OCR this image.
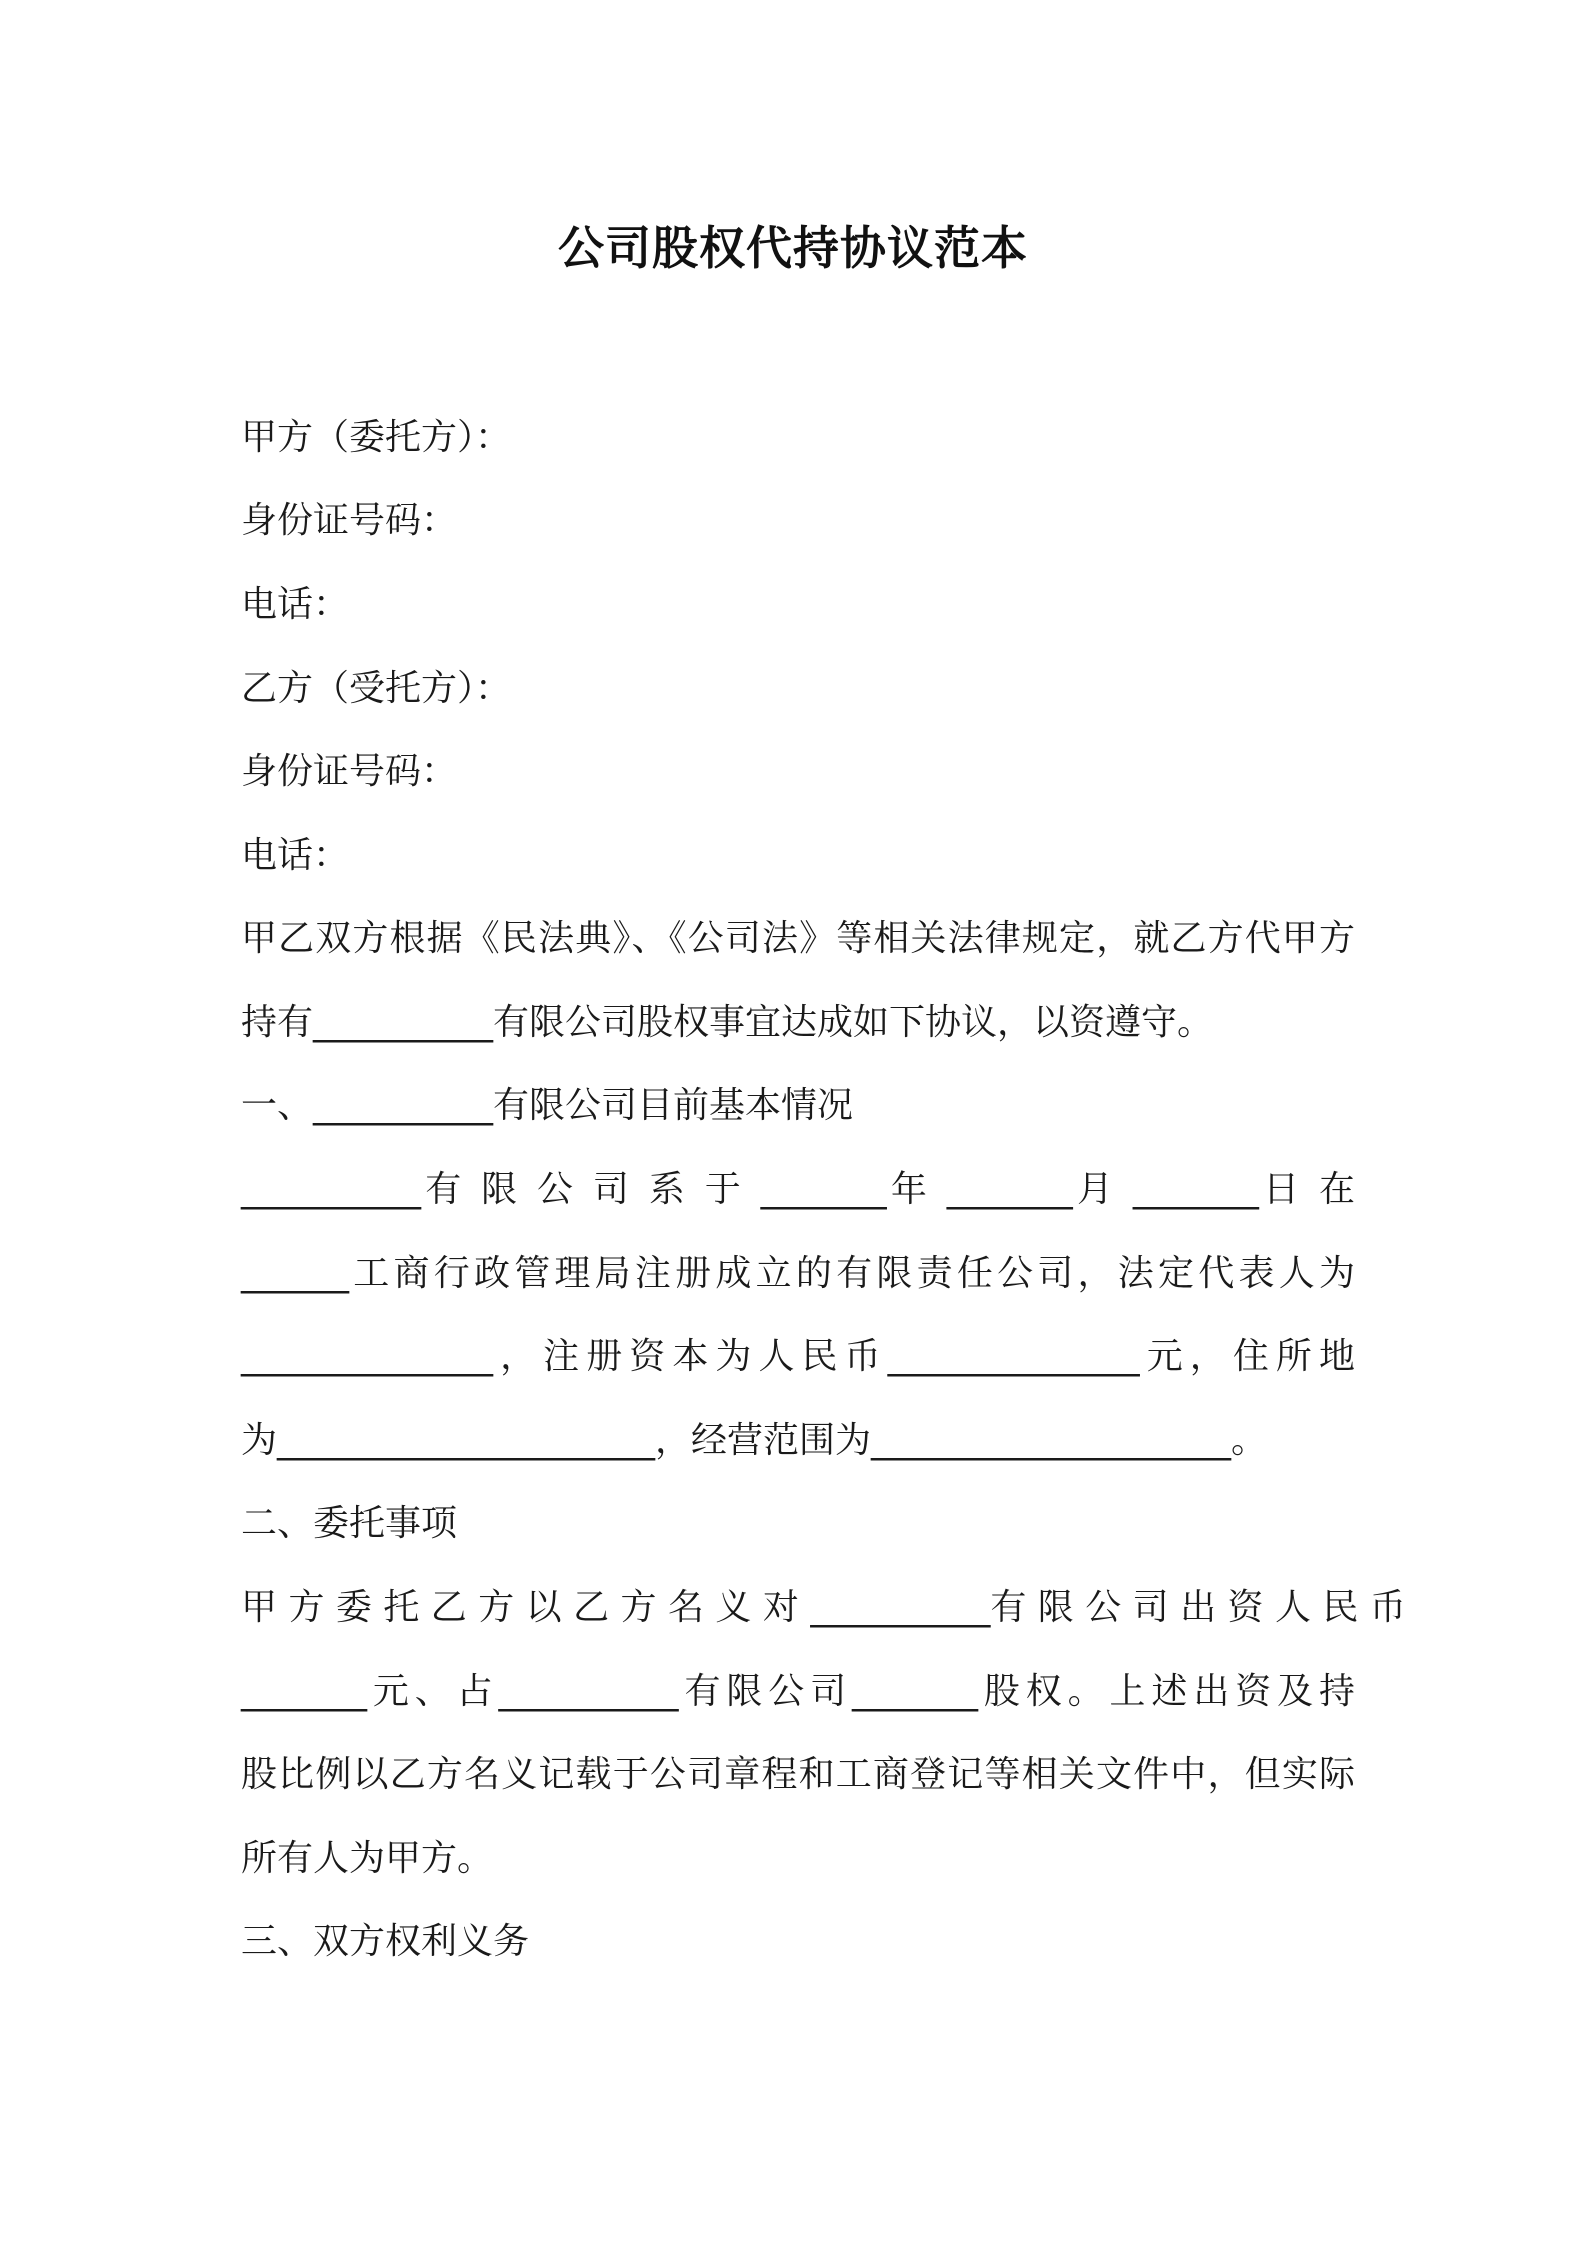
公司股权代持协议范本
甲方（委托方）：
身份证号码：
电话：
乙方（受托方）：
身份证号码：
电话：
甲乙双方根据《民法典》、《公司法》等相关法律规定，就乙方代甲方
持有__________有限公司股权事宜达成如下协议，以资遵守。
一、__________有限公司目前基本情况
__________有 限 公 司 系 于 _______年 _______月 _______日 在
______工商行政管理局注册成立的有限责任公司，法定代表人为
______________，注册资本为人民币______________元，住所地
为_____________________，经营范围为____________________。
二、委托事项
甲 方 委 托 乙 方 以 乙 方 名 义 对 __________有 限 公 司 出 资 人 民 币
_______元、占__________有限公司_______股权。上述出资及持
股比例以乙方名义记载于公司章程和工商登记等相关文件中，但实际
所有人为甲方。
三、双方权利义务
